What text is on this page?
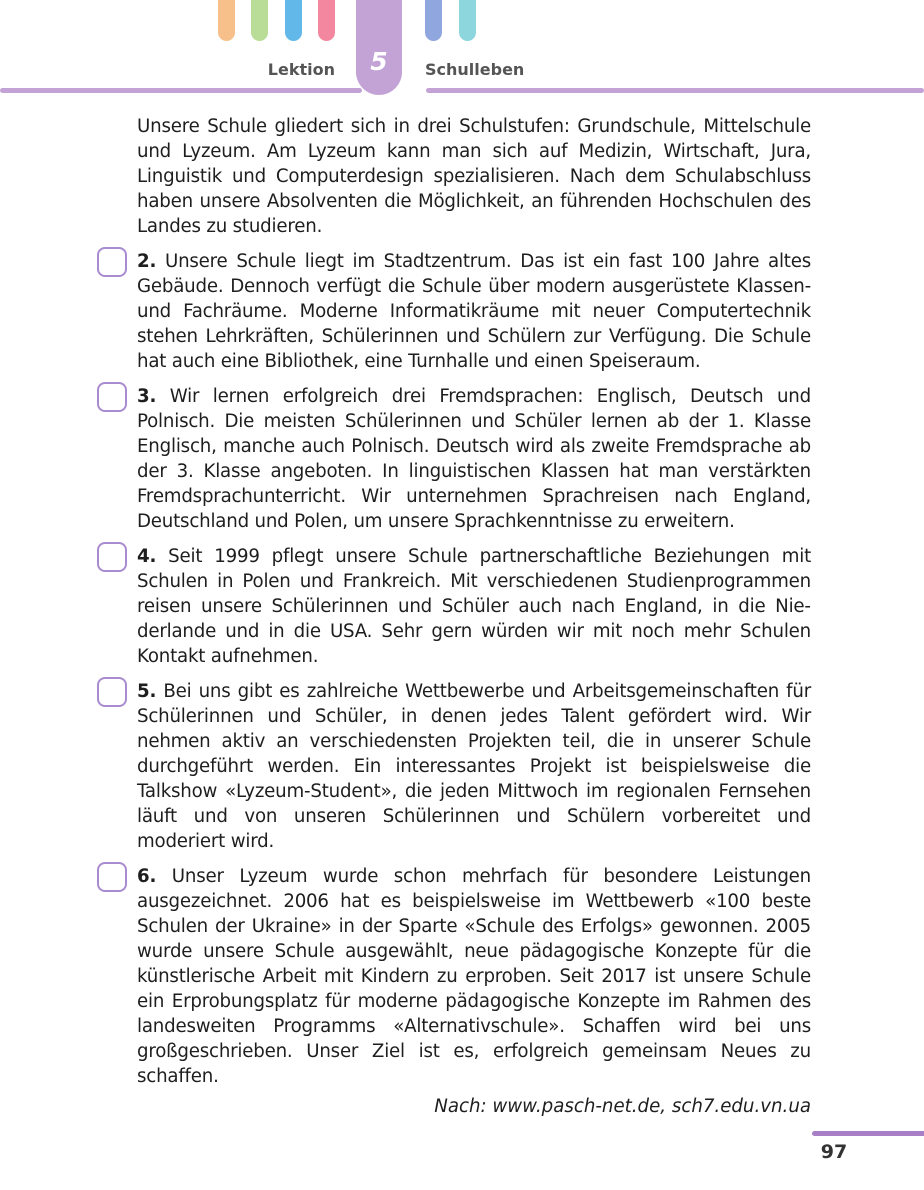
5
Lektion	Schulleben

Unsere Schule gliedert sich in drei Schulstufen: Grundschule, Mittelschule und Lyzeum. Am Lyzeum kann man sich auf Medizin, Wirtschaft, Jura, Linguistik und Computerdesign spezialisieren. Nach dem Schulabschluss haben unsere Absolventen die Möglichkeit, an führenden Hochschulen des Landes zu studieren.

2. Unsere Schule liegt im Stadtzentrum. Das ist ein fast 100 Jahre altes Gebäude. Dennoch verfügt die Schule über modern ausgerüstete Klassen- und Fachräume. Moderne Informatikräume mit neuer Computertechnik stehen Lehrkräften, Schülerinnen und Schülern zur Verfügung. Die Schule hat auch eine Bibliothek, eine Turnhalle und einen Speiseraum.

3. Wir lernen erfolgreich drei Fremdsprachen: Englisch, Deutsch und Polnisch. Die meisten Schülerinnen und Schüler lernen ab der 1. Klasse Englisch, manche auch Polnisch. Deutsch wird als zweite Fremdsprache ab der 3. Klasse angeboten. In linguistischen Klassen hat man verstärkten Fremdsprachunterricht. Wir unternehmen Sprachreisen nach England, Deutschland und Polen, um unsere Sprachkenntnisse zu erweitern.

4. Seit 1999 pflegt unsere Schule partnerschaftliche Beziehungen mit Schulen in Polen und Frankreich. Mit verschiedenen Studienprogrammen reisen unsere Schülerinnen und Schüler auch nach England, in die Niederlande und in die USA. Sehr gern würden wir mit noch mehr Schulen Kontakt aufnehmen.

5. Bei uns gibt es zahlreiche Wettbewerbe und Arbeitsgemeinschaften für Schülerinnen und Schüler, in denen jedes Talent gefördert wird. Wir nehmen aktiv an verschiedensten Projekten teil, die in unserer Schule durchgeführt werden. Ein interessantes Projekt ist beispielsweise die Talkshow «Lyzeum-Student», die jeden Mittwoch im regionalen Fernsehen läuft und von unseren Schülerinnen und Schülern vorbereitet und moderiert wird.

6. Unser Lyzeum wurde schon mehrfach für besondere Leistungen ausgezeichnet. 2006 hat es beispielsweise im Wettbewerb «100 beste Schulen der Ukraine» in der Sparte «Schule des Erfolgs» gewonnen. 2005 wurde unsere Schule ausgewählt, neue pädagogische Konzepte für die künstlerische Arbeit mit Kindern zu erproben. Seit 2017 ist unsere Schule ein Erprobungsplatz für moderne pädagogische Konzepte im Rahmen des landesweiten Programms «Alternativschule». Schaffen wird bei uns großgeschrieben. Unser Ziel ist es, erfolgreich gemeinsam Neues zu schaffen.

Nach: www.pasch-net.de, sch7.edu.vn.ua
97
